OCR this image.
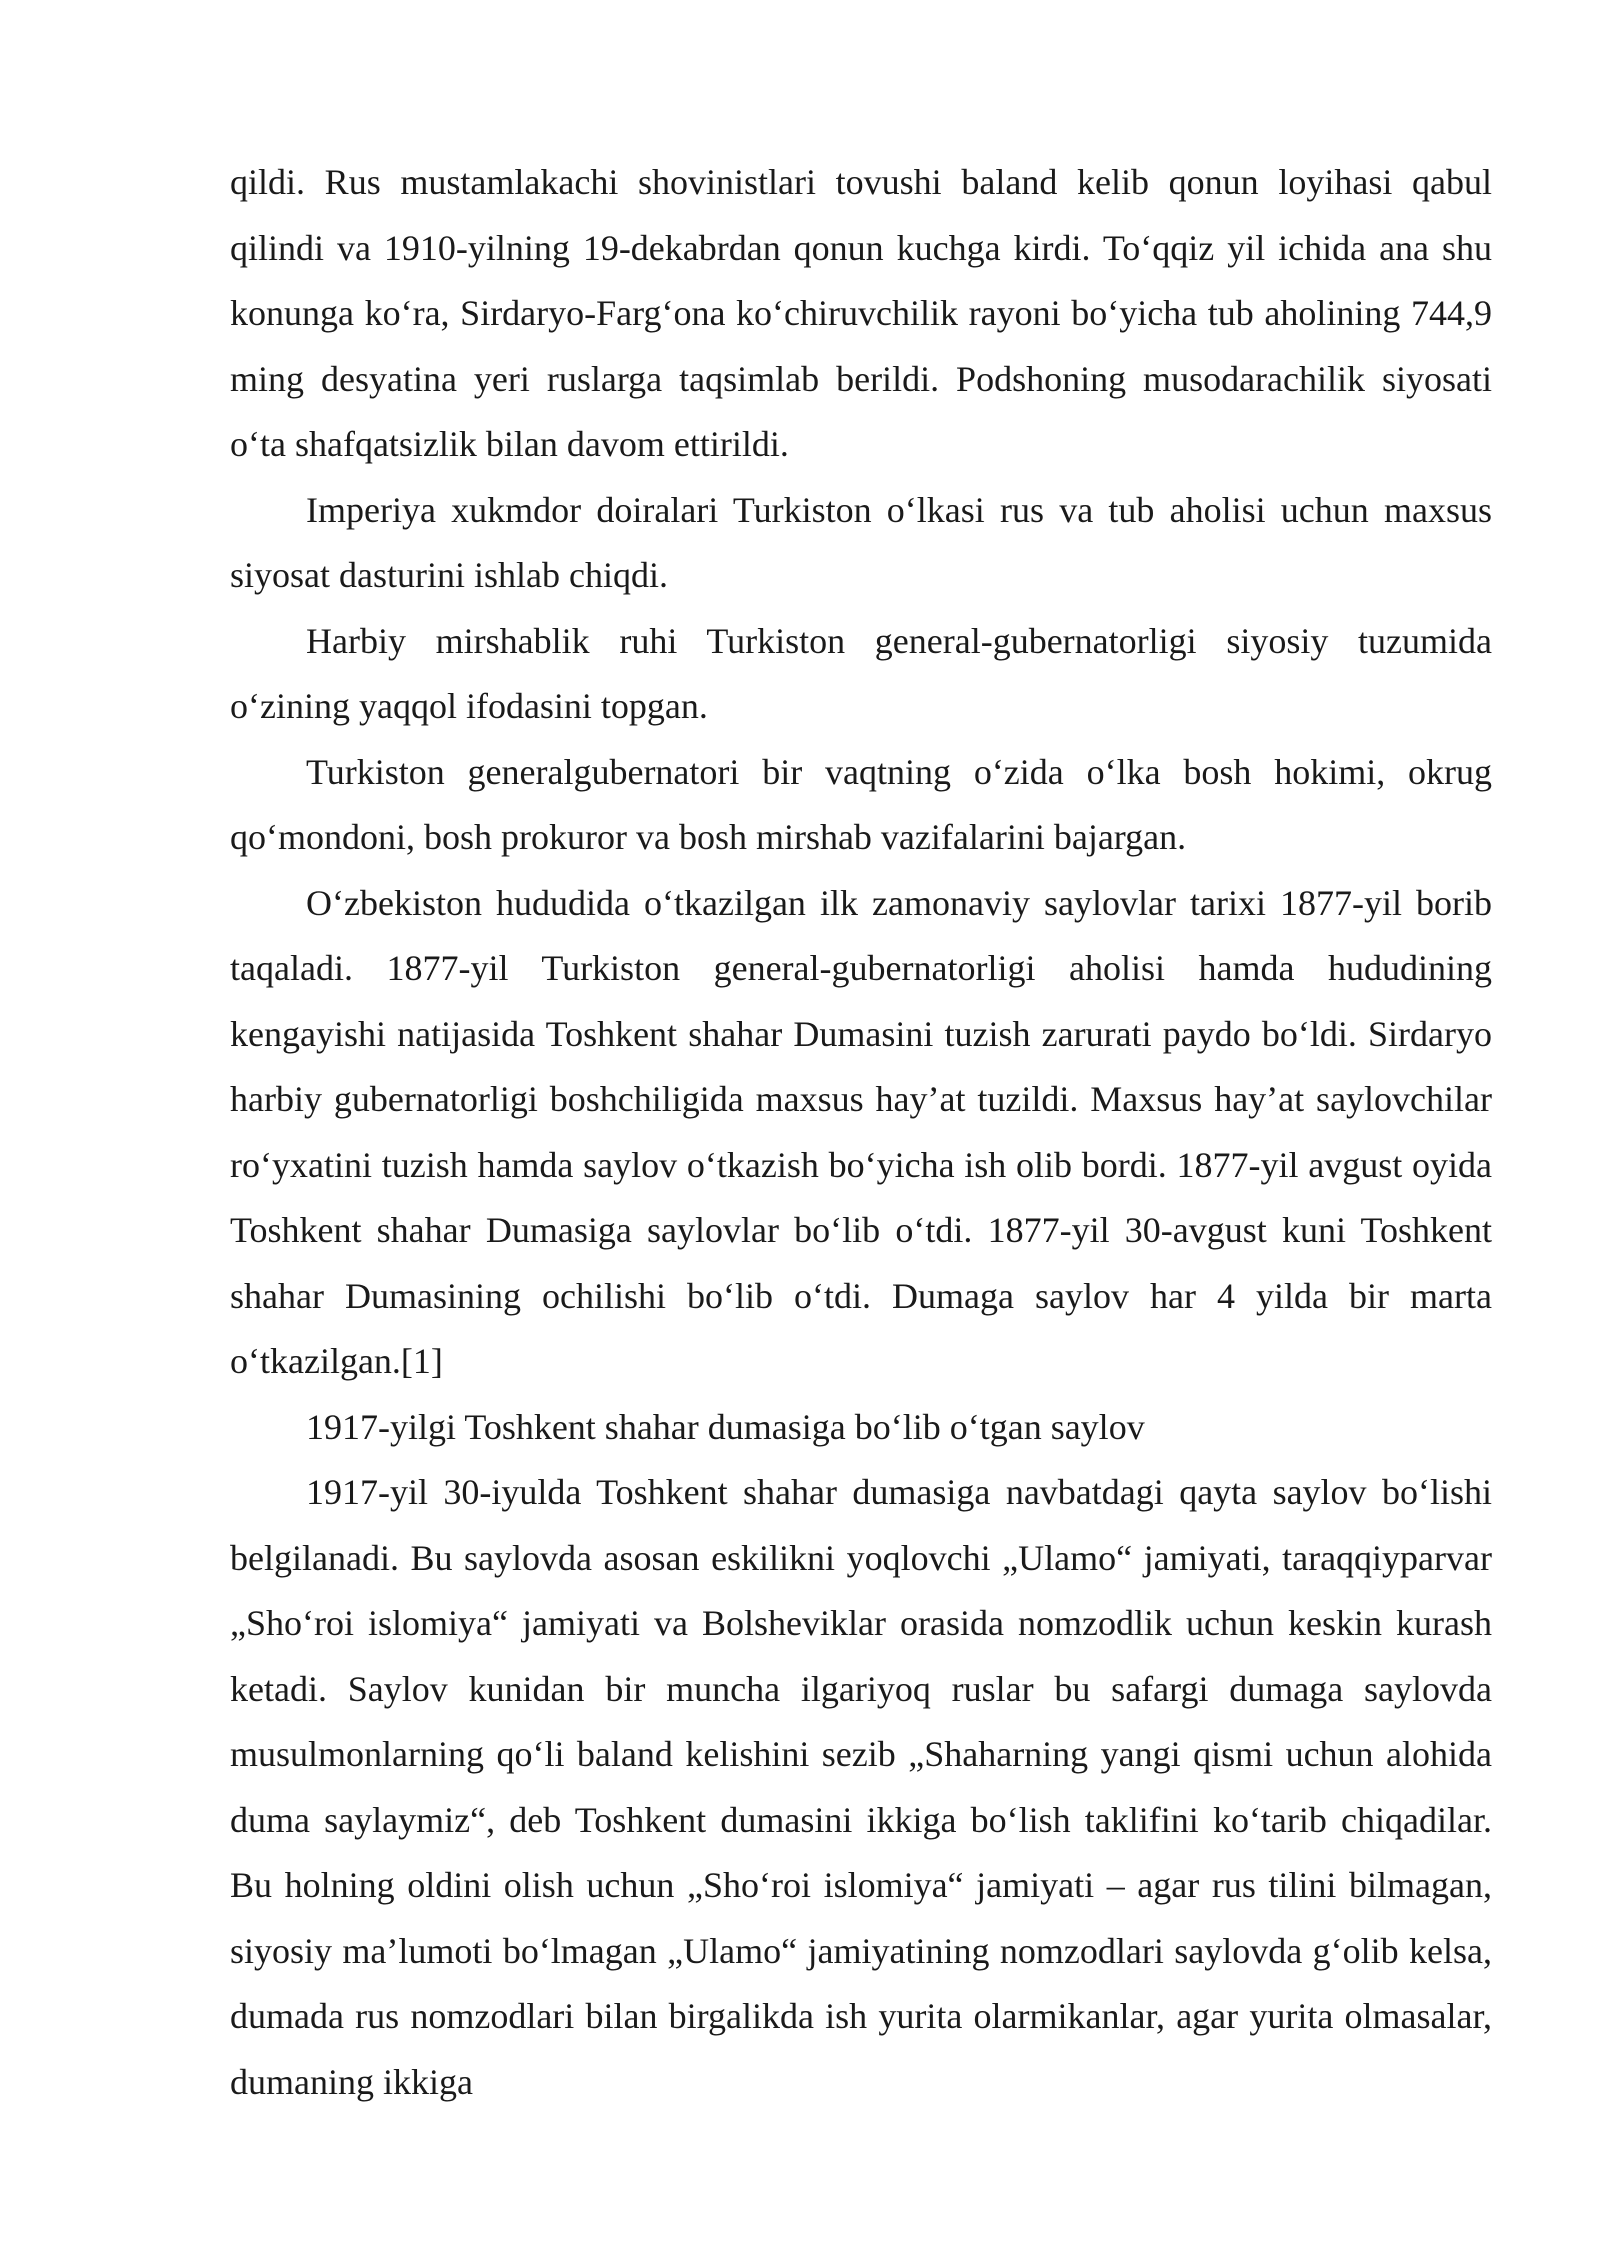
qildi. Rus mustamlakachi shovinistlari tovushi baland kelib qonun loyihasi qabul qilindi va 1910-yilning 19-dekabrdan qonun kuchga kirdi. To‘qqiz yil ichida ana shu konunga ko‘ra, Sirdaryo-Farg‘ona ko‘chiruvchilik rayoni bo‘yicha tub aholining 744,9 ming desyatina yeri ruslarga taqsimlab berildi. Podshoning musodarachilik siyosati o‘ta shafqatsizlik bilan davom ettirildi.

Imperiya xukmdor doiralari Turkiston o‘lkasi rus va tub aholisi uchun maxsus siyosat dasturini ishlab chiqdi.

Harbiy mirshablik ruhi Turkiston general-gubernatorligi siyosiy tuzumida o‘zining yaqqol ifodasini topgan.

Turkiston generalgubernatori bir vaqtning o‘zida o‘lka bosh hokimi, okrug qo‘mondoni, bosh prokuror va bosh mirshab vazifalarini bajargan.

O‘zbekiston hududida o‘tkazilgan ilk zamonaviy saylovlar tarixi 1877-yil borib taqaladi. 1877-yil Turkiston general-gubernatorligi aholisi hamda hududining kengayishi natijasida Toshkent shahar Dumasini tuzish zarurati paydo bo‘ldi. Sirdaryo harbiy gubernatorligi boshchiligida maxsus hay’at tuzildi. Maxsus hay’at saylovchilar ro‘yxatini tuzish hamda saylov o‘tkazish bo‘yicha ish olib bordi. 1877-yil avgust oyida Toshkent shahar Dumasiga saylovlar bo‘lib o‘tdi. 1877-yil 30-avgust kuni Toshkent shahar Dumasining ochilishi bo‘lib o‘tdi. Dumaga saylov har 4 yilda bir marta o‘tkazilgan.[1]

1917-yilgi Toshkent shahar dumasiga bo‘lib o‘tgan saylov

1917-yil 30-iyulda Toshkent shahar dumasiga navbatdagi qayta saylov bo‘lishi belgilanadi. Bu saylovda asosan eskilikni yoqlovchi „Ulamo“ jamiyati, taraqqiyparvar „Sho‘roi islomiya“ jamiyati va Bolsheviklar orasida nomzodlik uchun keskin kurash ketadi. Saylov kunidan bir muncha ilgariyoq ruslar bu safargi dumaga saylovda musulmonlarning qo‘li baland kelishini sezib „Shaharning yangi qismi uchun alohida duma saylaymiz“, deb Toshkent dumasini ikkiga bo‘lish taklifini ko‘tarib chiqadilar. Bu holning oldini olish uchun „Sho‘roi islomiya“ jamiyati – agar rus tilini bilmagan, siyosiy ma’lumoti bo‘lmagan „Ulamo“ jamiyatining nomzodlari saylovda g‘olib kelsa, dumada rus nomzodlari bilan birgalikda ish yurita olarmikanlar, agar yurita olmasalar, dumaning ikkiga
